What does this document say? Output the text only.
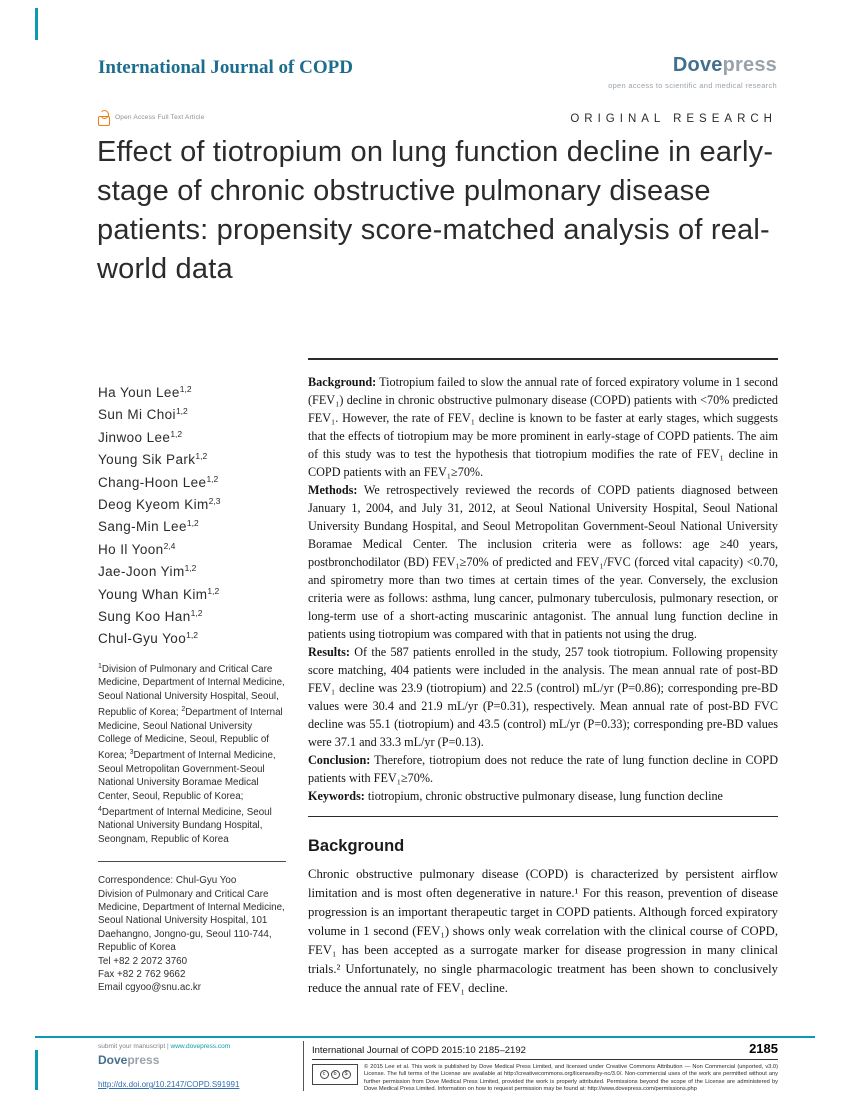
International Journal of COPD	Dovepress
open access to scientific and medical research
Open Access Full Text Article	ORIGINAL RESEARCH
Effect of tiotropium on lung function decline in early-stage of chronic obstructive pulmonary disease patients: propensity score-matched analysis of real-world data
Ha Youn Lee$^{1,2}$
Sun Mi Choi$^{1,2}$
Jinwoo Lee$^{1,2}$
Young Sik Park$^{1,2}$
Chang-Hoon Lee$^{1,2}$
Deog Kyeom Kim$^{2,3}$
Sang-Min Lee$^{1,2}$
Ho Il Yoon$^{2,4}$
Jae-Joon Yim$^{1,2}$
Young Whan Kim$^{1,2}$
Sung Koo Han$^{1,2}$
Chul-Gyu Yoo$^{1,2}$

$^1$Division of Pulmonary and Critical Care Medicine, Department of Internal Medicine, Seoul National University Hospital, Seoul, Republic of Korea; $^2$Department of Internal Medicine, Seoul National University College of Medicine, Seoul, Republic of Korea; $^3$Department of Internal Medicine, Seoul Metropolitan Government-Seoul National University Boramae Medical Center, Seoul, Republic of Korea; $^4$Department of Internal Medicine, Seoul National University Bundang Hospital, Seongnam, Republic of Korea

Correspondence: Chul-Gyu Yoo
Division of Pulmonary and Critical Care Medicine, Department of Internal Medicine, Seoul National University Hospital, 101 Daehangno, Jongno-gu, Seoul 110-744, Republic of Korea
Tel +82 2 2072 3760
Fax +82 2 762 9662
Email cgyoo@snu.ac.kr

Background: Tiotropium failed to slow the annual rate of forced expiratory volume in 1 second (FEV₁) decline in chronic obstructive pulmonary disease (COPD) patients with <70% predicted FEV₁. However, the rate of FEV₁ decline is known to be faster at early stages, which suggests that the effects of tiotropium may be more prominent in early-stage of COPD patients. The aim of this study was to test the hypothesis that tiotropium modifies the rate of FEV₁ decline in COPD patients with an FEV₁≥70%.

Methods: We retrospectively reviewed the records of COPD patients diagnosed between January 1, 2004, and July 31, 2012, at Seoul National University Hospital, Seoul National University Bundang Hospital, and Seoul Metropolitan Government-Seoul National University Boramae Medical Center. The inclusion criteria were as follows: age ≥40 years, postbronchodilator (BD) FEV₁≥70% of predicted and FEV₁/FVC (forced vital capacity) <0.70, and spirometry more than two times at certain times of the year. Conversely, the exclusion criteria were as follows: asthma, lung cancer, pulmonary tuberculosis, pulmonary resection, or long-term use of a short-acting muscarinic antagonist. The annual lung function decline in patients using tiotropium was compared with that in patients not using the drug.

Results: Of the 587 patients enrolled in the study, 257 took tiotropium. Following propensity score matching, 404 patients were included in the analysis. The mean annual rate of post-BD FEV₁ decline was 23.9 (tiotropium) and 22.5 (control) mL/yr (P=0.86); corresponding pre-BD values were 30.4 and 21.9 mL/yr (P=0.31), respectively. Mean annual rate of post-BD FVC decline was 55.1 (tiotropium) and 43.5 (control) mL/yr (P=0.33); corresponding pre-BD values were 37.1 and 33.3 mL/yr (P=0.13).

Conclusion: Therefore, tiotropium does not reduce the rate of lung function decline in COPD patients with FEV₁≥70%.

Keywords: tiotropium, chronic obstructive pulmonary disease, lung function decline

Background

Chronic obstructive pulmonary disease (COPD) is characterized by persistent airflow limitation and is most often degenerative in nature.¹ For this reason, prevention of disease progression is an important therapeutic target in COPD patients. Although forced expiratory volume in 1 second (FEV₁) shows only weak correlation with the clinical course of COPD, FEV₁ has been accepted as a surrogate marker for disease progression in many clinical trials.² Unfortunately, no single pharmacologic treatment has been shown to conclusively reduce the annual rate of FEV₁ decline.

submit your manuscript | www.dovepress.com
Dovepress
http://dx.doi.org/10.2147/COPD.S91991
International Journal of COPD 2015:10 2185–2192	2185
c	b	$
© 2015 Lee et al. This work is published by Dove Medical Press Limited, and licensed under Creative Commons Attribution — Non Commercial (unported, v3.0) License. The full terms of the License are available at http://creativecommons.org/licenses/by-nc/3.0/. Non-commercial uses of the work are permitted without any further permission from Dove Medical Press Limited, provided the work is properly attributed. Permissions beyond the scope of the License are administered by Dove Medical Press Limited. Information on how to request permission may be found at: http://www.dovepress.com/permissions.php
